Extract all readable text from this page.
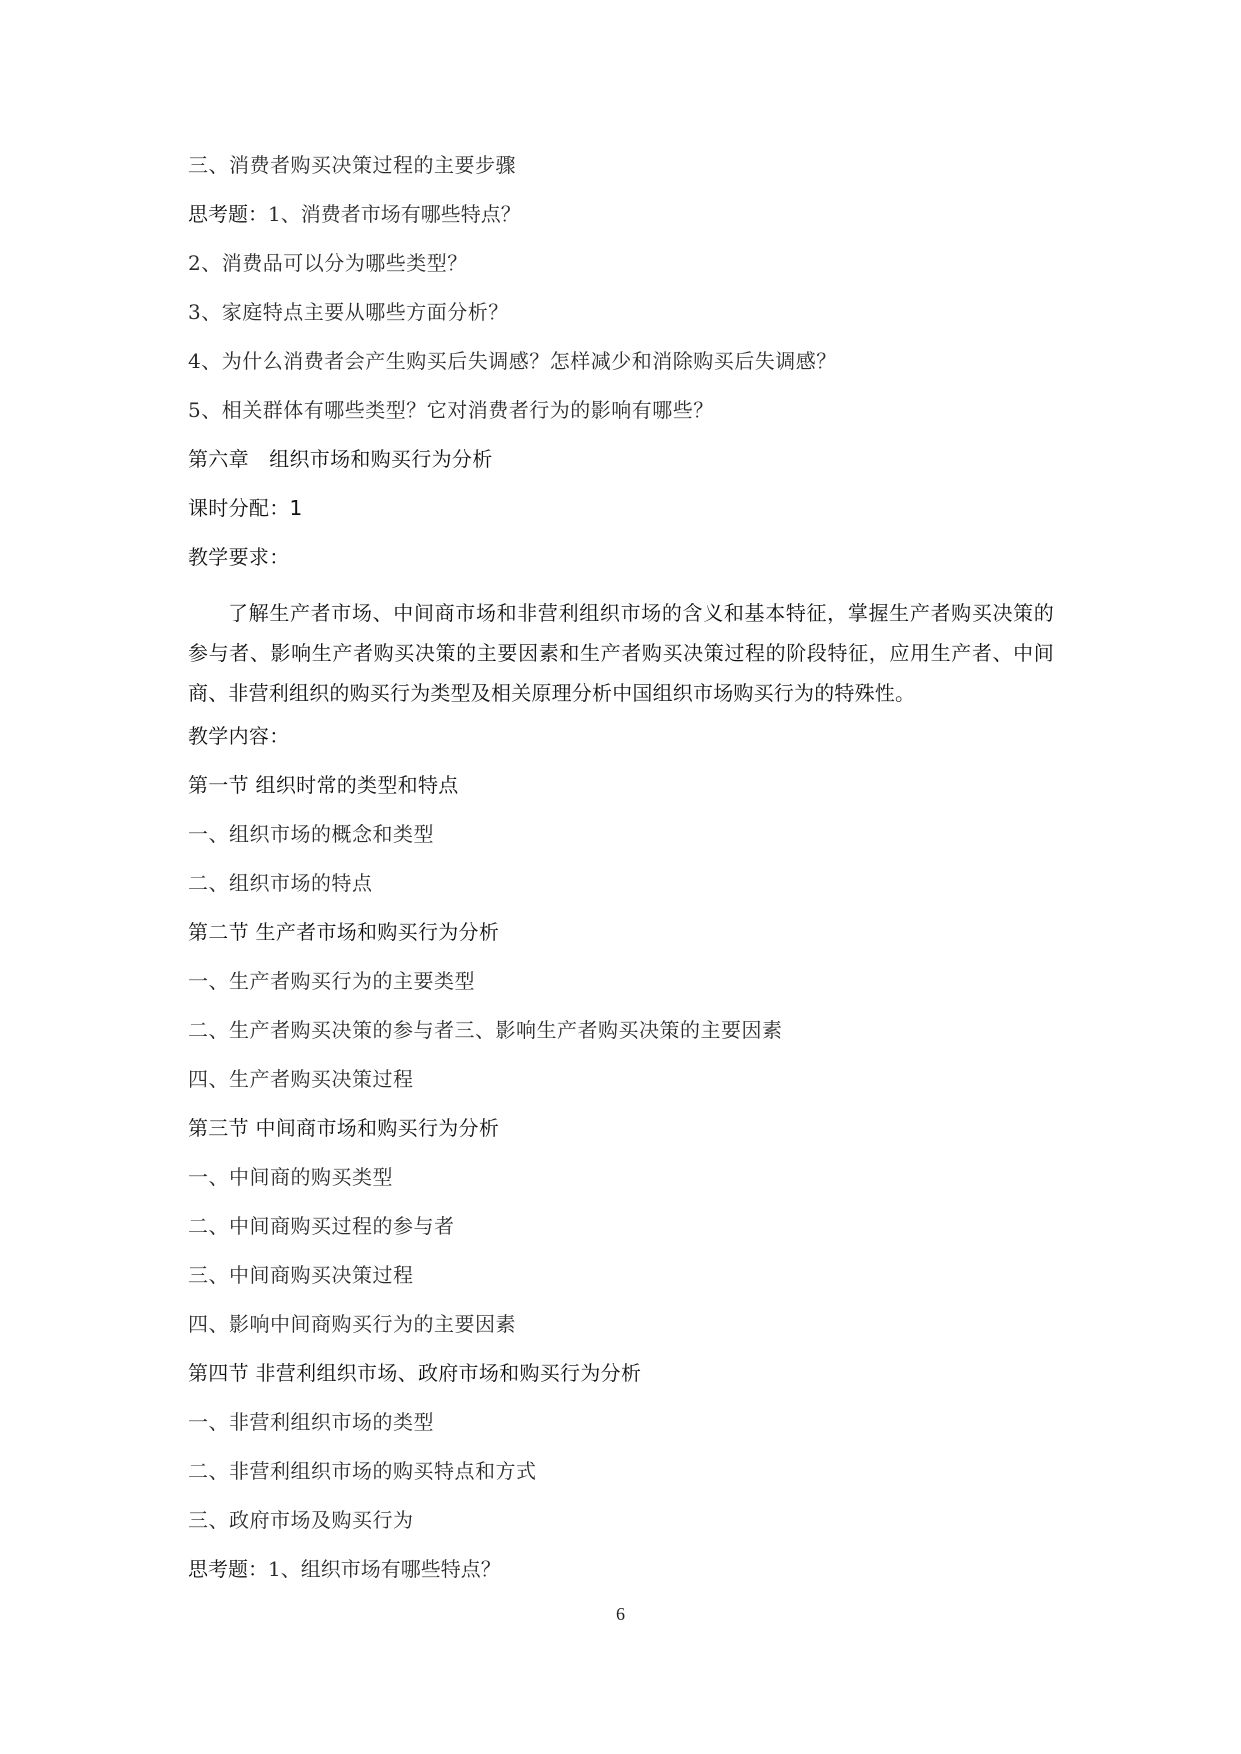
三、消费者购买决策过程的主要步骤
思考题：1、消费者市场有哪些特点？
2、消费品可以分为哪些类型？
3、家庭特点主要从哪些方面分析？
4、为什么消费者会产生购买后失调感？怎样减少和消除购买后失调感？
5、相关群体有哪些类型？它对消费者行为的影响有哪些？
第六章　组织市场和购买行为分析
课时分配：1
教学要求：
了解生产者市场、中间商市场和非营利组织市场的含义和基本特征，掌握生产者购买决策的参与者、影响生产者购买决策的主要因素和生产者购买决策过程的阶段特征，应用生产者、中间商、非营利组织的购买行为类型及相关原理分析中国组织市场购买行为的特殊性。
教学内容：
第一节 组织时常的类型和特点
一、组织市场的概念和类型
二、组织市场的特点
第二节 生产者市场和购买行为分析
一、生产者购买行为的主要类型
二、生产者购买决策的参与者三、影响生产者购买决策的主要因素
四、生产者购买决策过程
第三节 中间商市场和购买行为分析
一、中间商的购买类型
二、中间商购买过程的参与者
三、中间商购买决策过程
四、影响中间商购买行为的主要因素
第四节 非营利组织市场、政府市场和购买行为分析
一、非营利组织市场的类型
二、非营利组织市场的购买特点和方式
三、政府市场及购买行为
思考题：1、组织市场有哪些特点？
6
